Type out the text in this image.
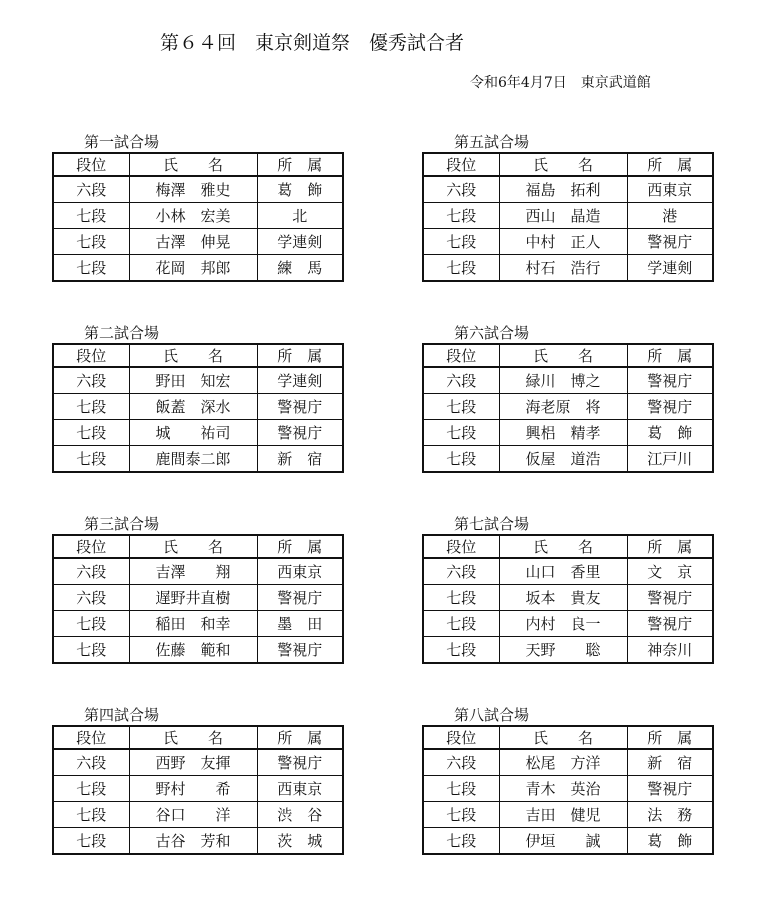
第６４回　東京剣道祭　優秀試合者
令和6年4月7日　東京武道館
第一試合場
段位	氏　　名	所　属
六段	梅澤　雅史	葛　飾
七段	小林　宏美	北
七段	古澤　伸晃	学連剣
七段	花岡　邦郎	練　馬
第二試合場
段位	氏　　名	所　属
六段	野田　知宏	学連剣
七段	飯蓋　深水	警視庁
七段	城　　祐司	警視庁
七段	鹿間泰二郎	新　宿
第三試合場
段位	氏　　名	所　属
六段	吉澤　　翔	西東京
六段	遅野井直樹	警視庁
七段	稲田　和幸	墨　田
七段	佐藤　範和	警視庁
第四試合場
段位	氏　　名	所　属
六段	西野　友揮	警視庁
七段	野村　　希	西東京
七段	谷口　　洋	渋　谷
七段	古谷　芳和	茨　城
第五試合場
段位	氏　　名	所　属
六段	福島　拓利	西東京
七段	西山　晶造	港
七段	中村　正人	警視庁
七段	村石　浩行	学連剣
第六試合場
段位	氏　　名	所　属
六段	緑川　博之	警視庁
七段	海老原　将	警視庁
七段	興梠　精孝	葛　飾
七段	仮屋　道浩	江戸川
第七試合場
段位	氏　　名	所　属
六段	山口　香里	文　京
七段	坂本　貴友	警視庁
七段	内村　良一	警視庁
七段	天野　　聡	神奈川
第八試合場
段位	氏　　名	所　属
六段	松尾　方洋	新　宿
七段	青木　英治	警視庁
七段	吉田　健児	法　務
七段	伊垣　　誠	葛　飾
